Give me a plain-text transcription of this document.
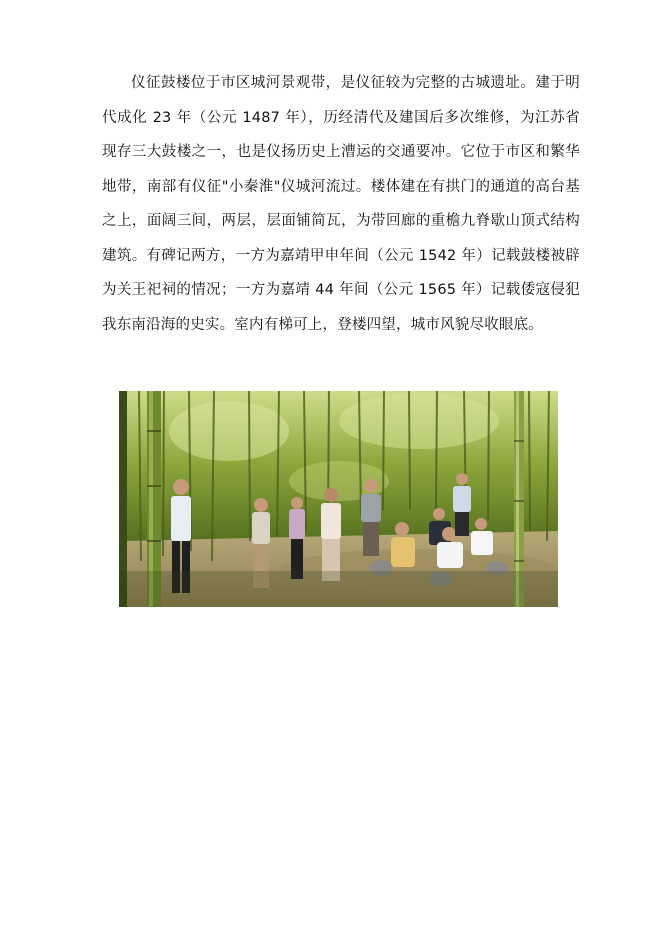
仪征鼓楼位于市区城河景观带，是仪征较为完整的古城遗址。建于明代成化 23 年（公元 1487 年），历经清代及建国后多次维修，为江苏省现存三大鼓楼之一，也是仪扬历史上漕运的交通要冲。它位于市区和繁华地带，南部有仪征"小秦淮"仪城河流过。楼体建在有拱门的通道的高台基之上，面阔三间，两层，层面铺简瓦，为带回廊的重檐九脊歇山顶式结构建筑。有碑记两方，一方为嘉靖甲申年间（公元 1542 年）记载鼓楼被辟为关王祀祠的情况；一方为嘉靖 44 年间（公元 1565 年）记载倭寇侵犯我东南沿海的史实。室内有梯可上，登楼四望，城市风貌尽收眼底。
